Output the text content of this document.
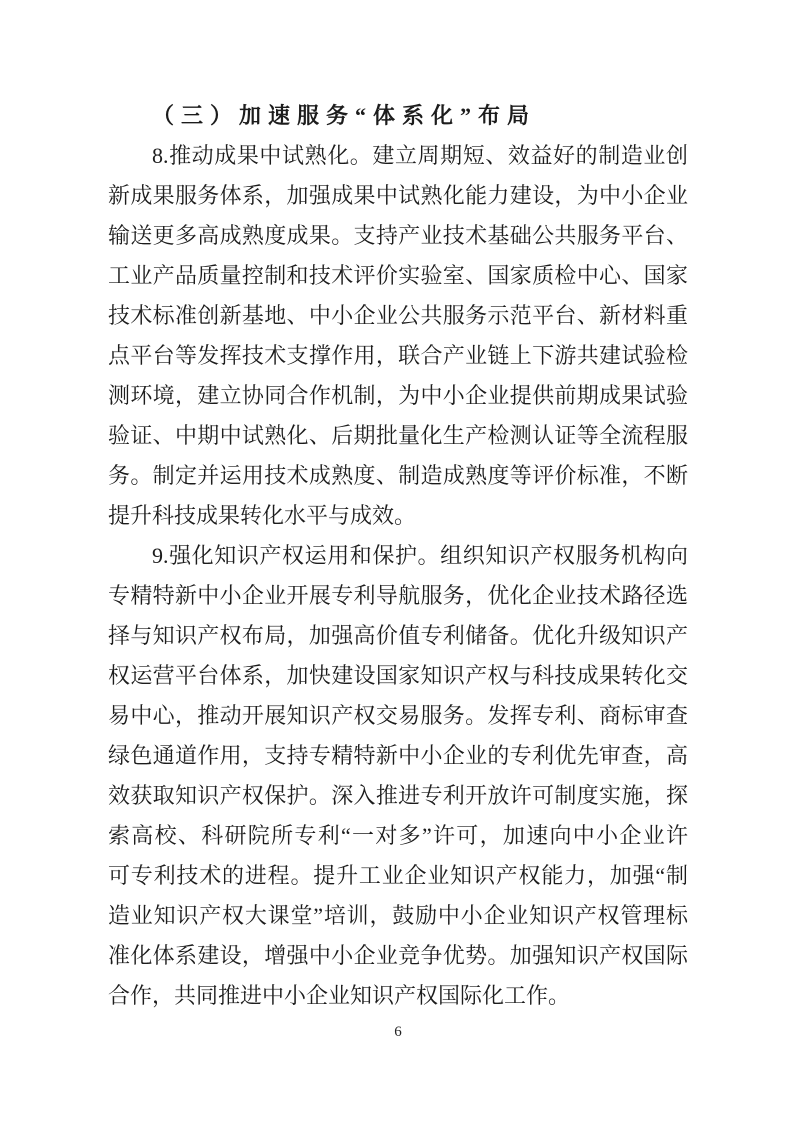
（三）加速服务“体系化”布局
8.推动成果中试熟化。建立周期短、效益好的制造业创
新成果服务体系，加强成果中试熟化能力建设，为中小企业
输送更多高成熟度成果。支持产业技术基础公共服务平台、
工业产品质量控制和技术评价实验室、国家质检中心、国家
技术标准创新基地、中小企业公共服务示范平台、新材料重
点平台等发挥技术支撑作用，联合产业链上下游共建试验检
测环境，建立协同合作机制，为中小企业提供前期成果试验
验证、中期中试熟化、后期批量化生产检测认证等全流程服
务。制定并运用技术成熟度、制造成熟度等评价标准，不断
提升科技成果转化水平与成效。
9.强化知识产权运用和保护。组织知识产权服务机构向
专精特新中小企业开展专利导航服务，优化企业技术路径选
择与知识产权布局，加强高价值专利储备。优化升级知识产
权运营平台体系，加快建设国家知识产权与科技成果转化交
易中心，推动开展知识产权交易服务。发挥专利、商标审查
绿色通道作用，支持专精特新中小企业的专利优先审查，高
效获取知识产权保护。深入推进专利开放许可制度实施，探
索高校、科研院所专利“一对多”许可，加速向中小企业许
可专利技术的进程。提升工业企业知识产权能力，加强“制
造业知识产权大课堂”培训，鼓励中小企业知识产权管理标
准化体系建设，增强中小企业竞争优势。加强知识产权国际
合作，共同推进中小企业知识产权国际化工作。
6
